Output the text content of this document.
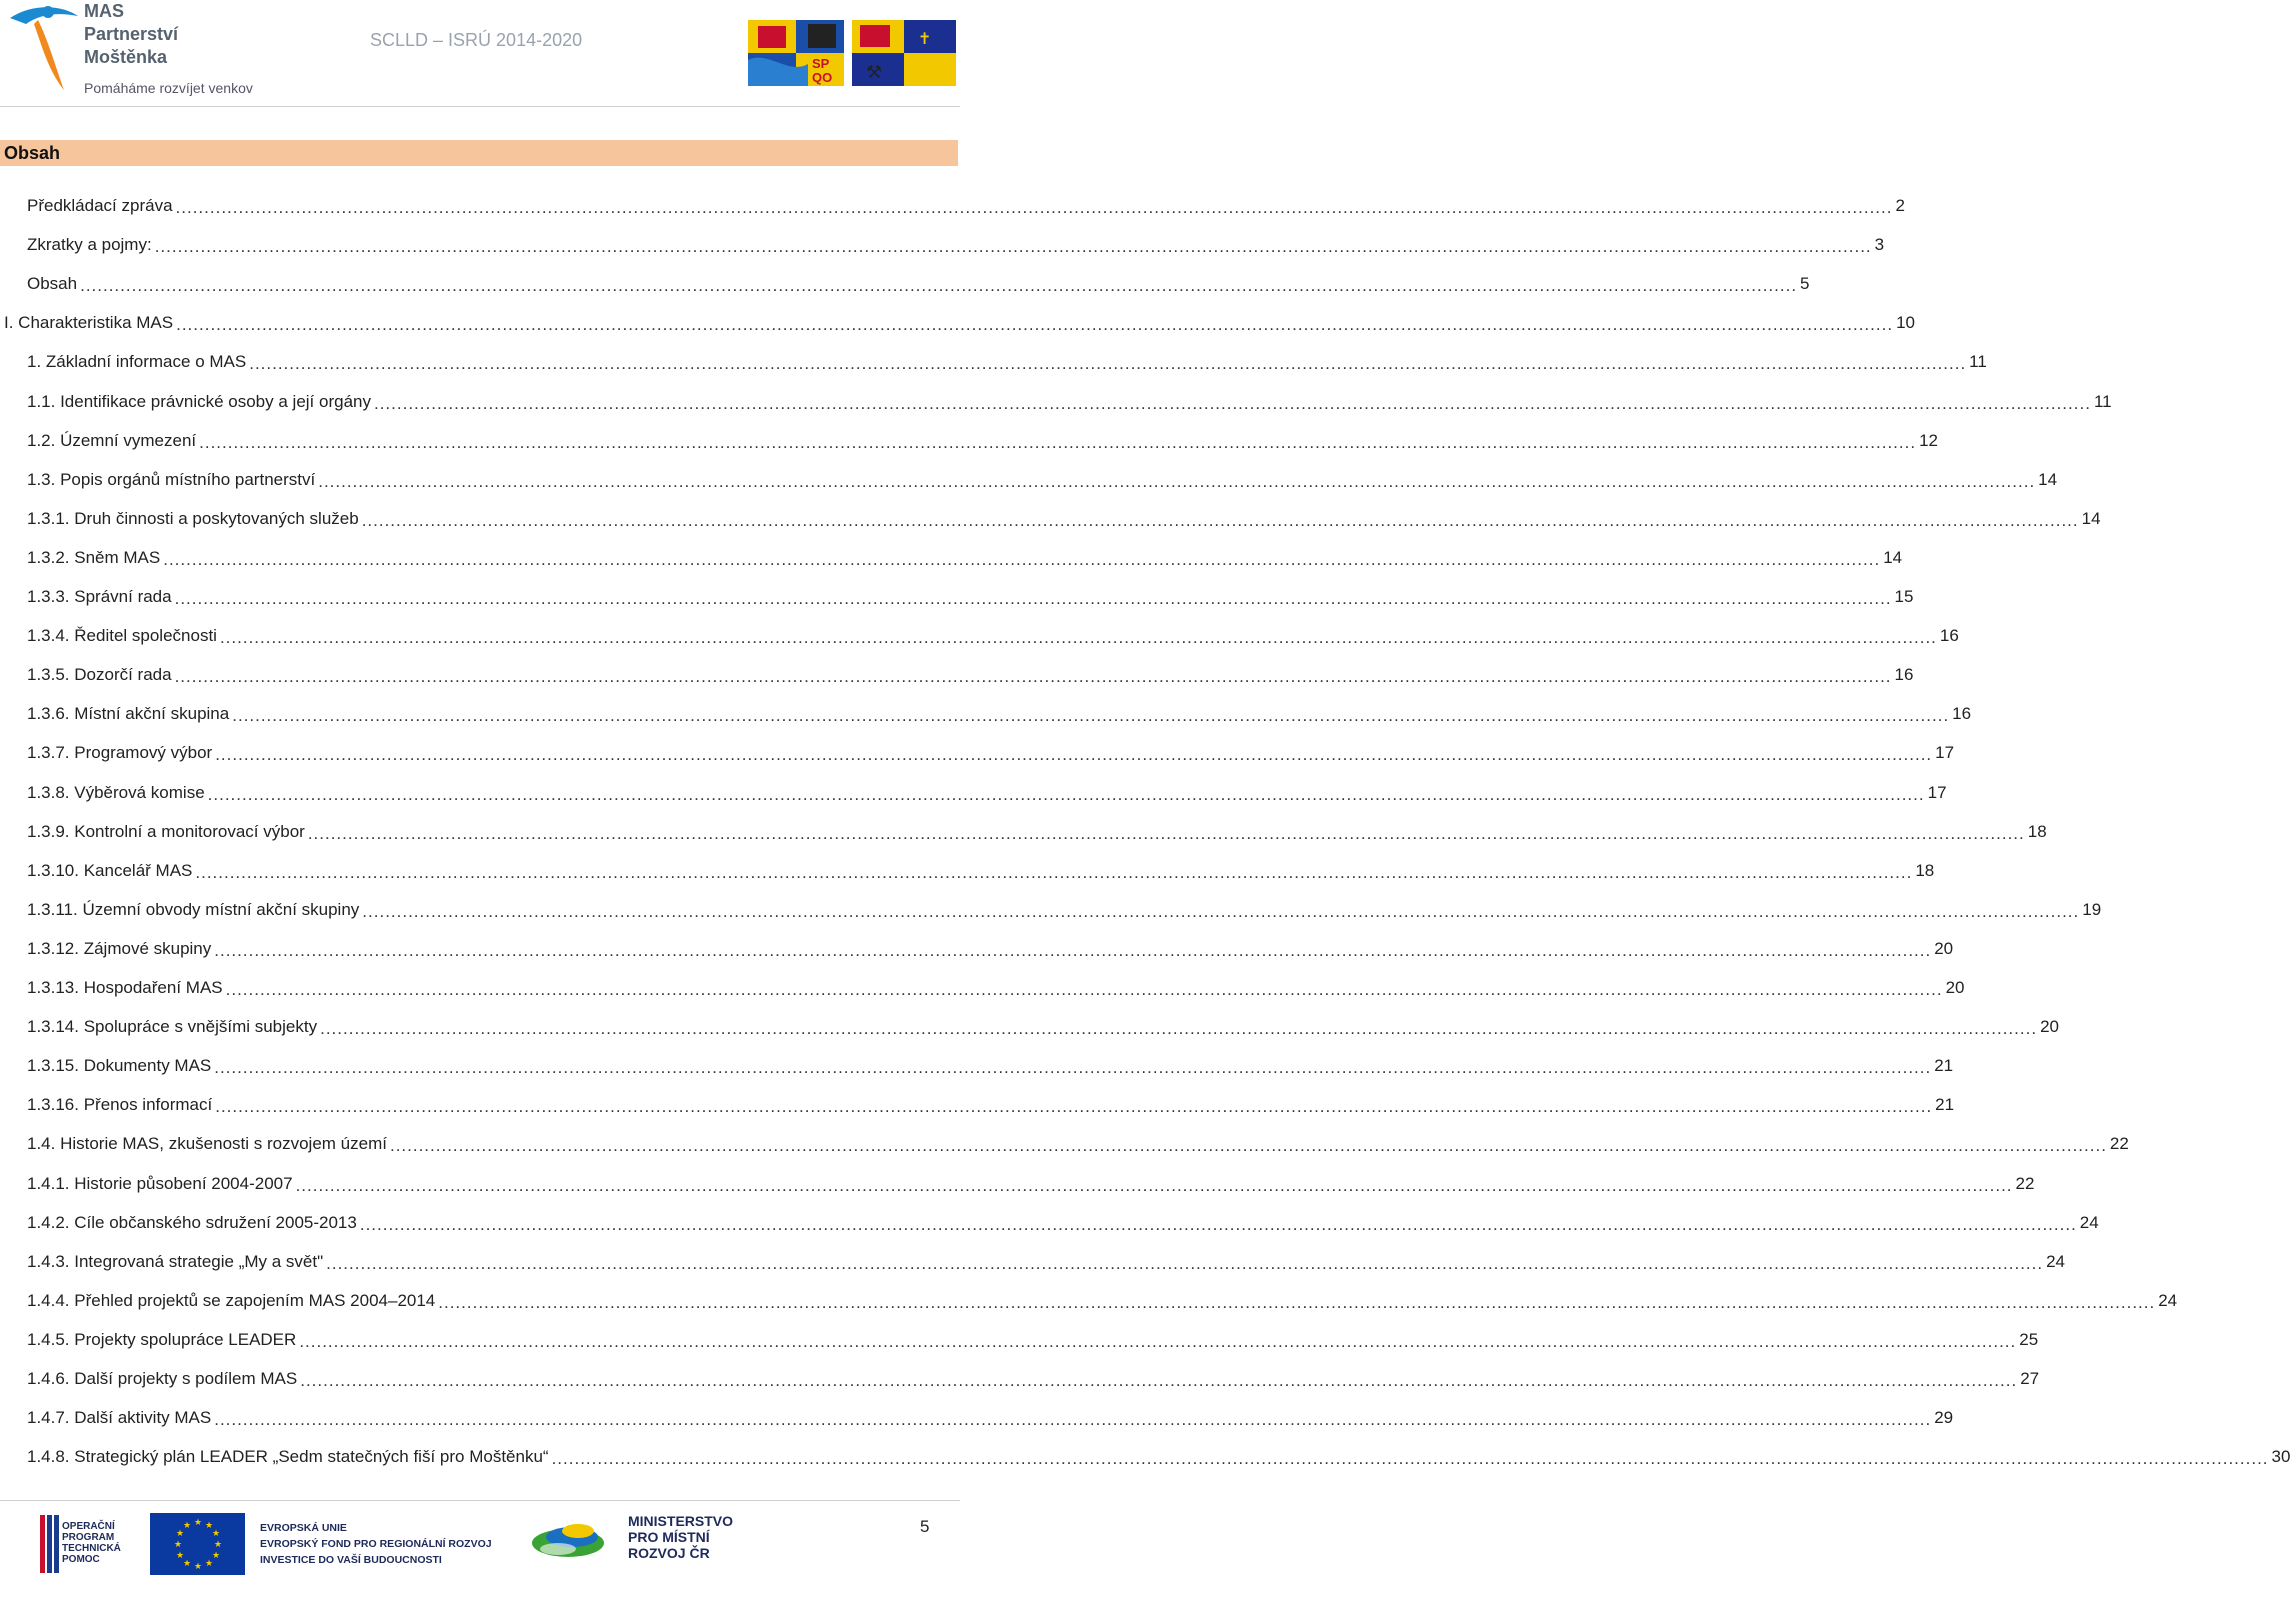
MAS
Partnerství
Moštěnka
Pomáháme rozvíjet venkov
SCLLD – ISRÚ 2014-2020
SP
QO
✝
⚒ ✸
Obsah
Předkládací zpráva ............................................................................................................................................................................................................................................................................................................ 2
Zkratky a pojmy: ............................................................................................................................................................................................................................................................................................................ 3
Obsah ............................................................................................................................................................................................................................................................................................................ 5
I. Charakteristika MAS ............................................................................................................................................................................................................................................................................................................ 10
1. Základní informace o MAS ............................................................................................................................................................................................................................................................................................................ 11
1.1. Identifikace právnické osoby a její orgány ............................................................................................................................................................................................................................................................................................................ 11
1.2. Územní vymezení ............................................................................................................................................................................................................................................................................................................ 12
1.3. Popis orgánů místního partnerství ............................................................................................................................................................................................................................................................................................................ 14
1.3.1. Druh činnosti a poskytovaných služeb ............................................................................................................................................................................................................................................................................................................ 14
1.3.2. Sněm MAS ............................................................................................................................................................................................................................................................................................................ 14
1.3.3. Správní rada ............................................................................................................................................................................................................................................................................................................ 15
1.3.4. Ředitel společnosti ............................................................................................................................................................................................................................................................................................................ 16
1.3.5. Dozorčí rada ............................................................................................................................................................................................................................................................................................................ 16
1.3.6. Místní akční skupina ............................................................................................................................................................................................................................................................................................................ 16
1.3.7. Programový výbor ............................................................................................................................................................................................................................................................................................................ 17
1.3.8. Výběrová komise ............................................................................................................................................................................................................................................................................................................ 17
1.3.9. Kontrolní a monitorovací výbor ............................................................................................................................................................................................................................................................................................................ 18
1.3.10. Kancelář MAS ............................................................................................................................................................................................................................................................................................................ 18
1.3.11. Územní obvody místní akční skupiny ............................................................................................................................................................................................................................................................................................................ 19
1.3.12. Zájmové skupiny ............................................................................................................................................................................................................................................................................................................ 20
1.3.13. Hospodaření MAS ............................................................................................................................................................................................................................................................................................................ 20
1.3.14. Spolupráce s vnějšími subjekty ............................................................................................................................................................................................................................................................................................................ 20
1.3.15. Dokumenty MAS ............................................................................................................................................................................................................................................................................................................ 21
1.3.16. Přenos informací ............................................................................................................................................................................................................................................................................................................ 21
1.4. Historie MAS, zkušenosti s rozvojem území ............................................................................................................................................................................................................................................................................................................ 22
1.4.1. Historie působení 2004-2007 ............................................................................................................................................................................................................................................................................................................ 22
1.4.2. Cíle občanského sdružení 2005-2013 ............................................................................................................................................................................................................................................................................................................ 24
1.4.3. Integrovaná strategie „My a svět" ............................................................................................................................................................................................................................................................................................................ 24
1.4.4. Přehled projektů se zapojením MAS 2004–2014 ............................................................................................................................................................................................................................................................................................................ 24
1.4.5. Projekty spolupráce LEADER ............................................................................................................................................................................................................................................................................................................ 25
1.4.6. Další projekty s podílem MAS ............................................................................................................................................................................................................................................................................................................ 27
1.4.7. Další aktivity MAS ............................................................................................................................................................................................................................................................................................................ 29
1.4.8. Strategický plán LEADER „Sedm statečných fiší pro Moštěnku“ ............................................................................................................................................................................................................................................................................................................ 30
OPERAČNÍ
PROGRAM
TECHNICKÁ
POMOC
★ ★
★
★
★
★
★
★
★
★
★
★	EVROPSKÁ UNIE
EVROPSKÝ FOND PRO REGIONÁLNÍ ROZVOJ
INVESTICE DO VAŠÍ BUDOUCNOSTI
MINISTERSTVO
PRO MÍSTNÍ
ROZVOJ ČR
5
